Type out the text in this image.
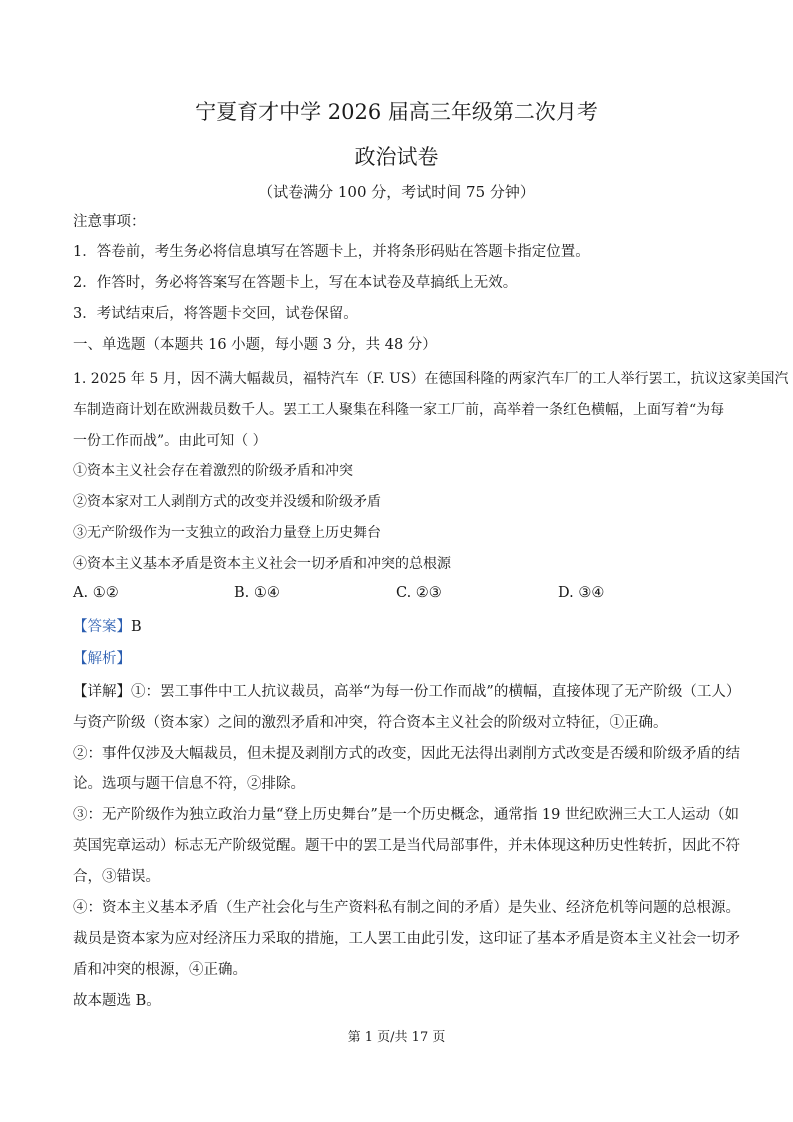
宁夏育才中学 2026 届高三年级第二次月考
政治试卷
（试卷满分 100 分，考试时间 75 分钟）
注意事项：
1．答卷前，考生务必将信息填写在答题卡上，并将条形码贴在答题卡指定位置。
2．作答时，务必将答案写在答题卡上，写在本试卷及草搞纸上无效。
3．考试结束后，将答题卡交回，试卷保留。
一、单选题（本题共 16 小题，每小题 3 分，共 48 分）
1. 2025 年 5 月，因不满大幅裁员，福特汽车（F. US）在德国科隆的两家汽车厂的工人举行罢工，抗议这家美国汽
车制造商计划在欧洲裁员数千人。罢工工人聚集在科隆一家工厂前，高举着一条红色横幅，上面写着“为每
一份工作而战”。由此可知（ ）
①资本主义社会存在着激烈的阶级矛盾和冲突
②资本家对工人剥削方式的改变并没缓和阶级矛盾
③无产阶级作为一支独立的政治力量登上历史舞台
④资本主义基本矛盾是资本主义社会一切矛盾和冲突的总根源
A. ①②	B. ①④	C. ②③	D. ③④
【答案】B
【解析】
【详解】①：罢工事件中工人抗议裁员，高举“为每一份工作而战”的横幅，直接体现了无产阶级（工人）
与资产阶级（资本家）之间的激烈矛盾和冲突，符合资本主义社会的阶级对立特征，①正确。
②：事件仅涉及大幅裁员，但未提及剥削方式的改变，因此无法得出剥削方式改变是否缓和阶级矛盾的结
论。选项与题干信息不符，②排除。
③：无产阶级作为独立政治力量“登上历史舞台”是一个历史概念，通常指 19 世纪欧洲三大工人运动（如
英国宪章运动）标志无产阶级觉醒。题干中的罢工是当代局部事件，并未体现这种历史性转折，因此不符
合，③错误。
④：资本主义基本矛盾（生产社会化与生产资料私有制之间的矛盾）是失业、经济危机等问题的总根源。
裁员是资本家为应对经济压力采取的措施，工人罢工由此引发，这印证了基本矛盾是资本主义社会一切矛
盾和冲突的根源，④正确。
故本题选 B。
第 1 页/共 17 页
